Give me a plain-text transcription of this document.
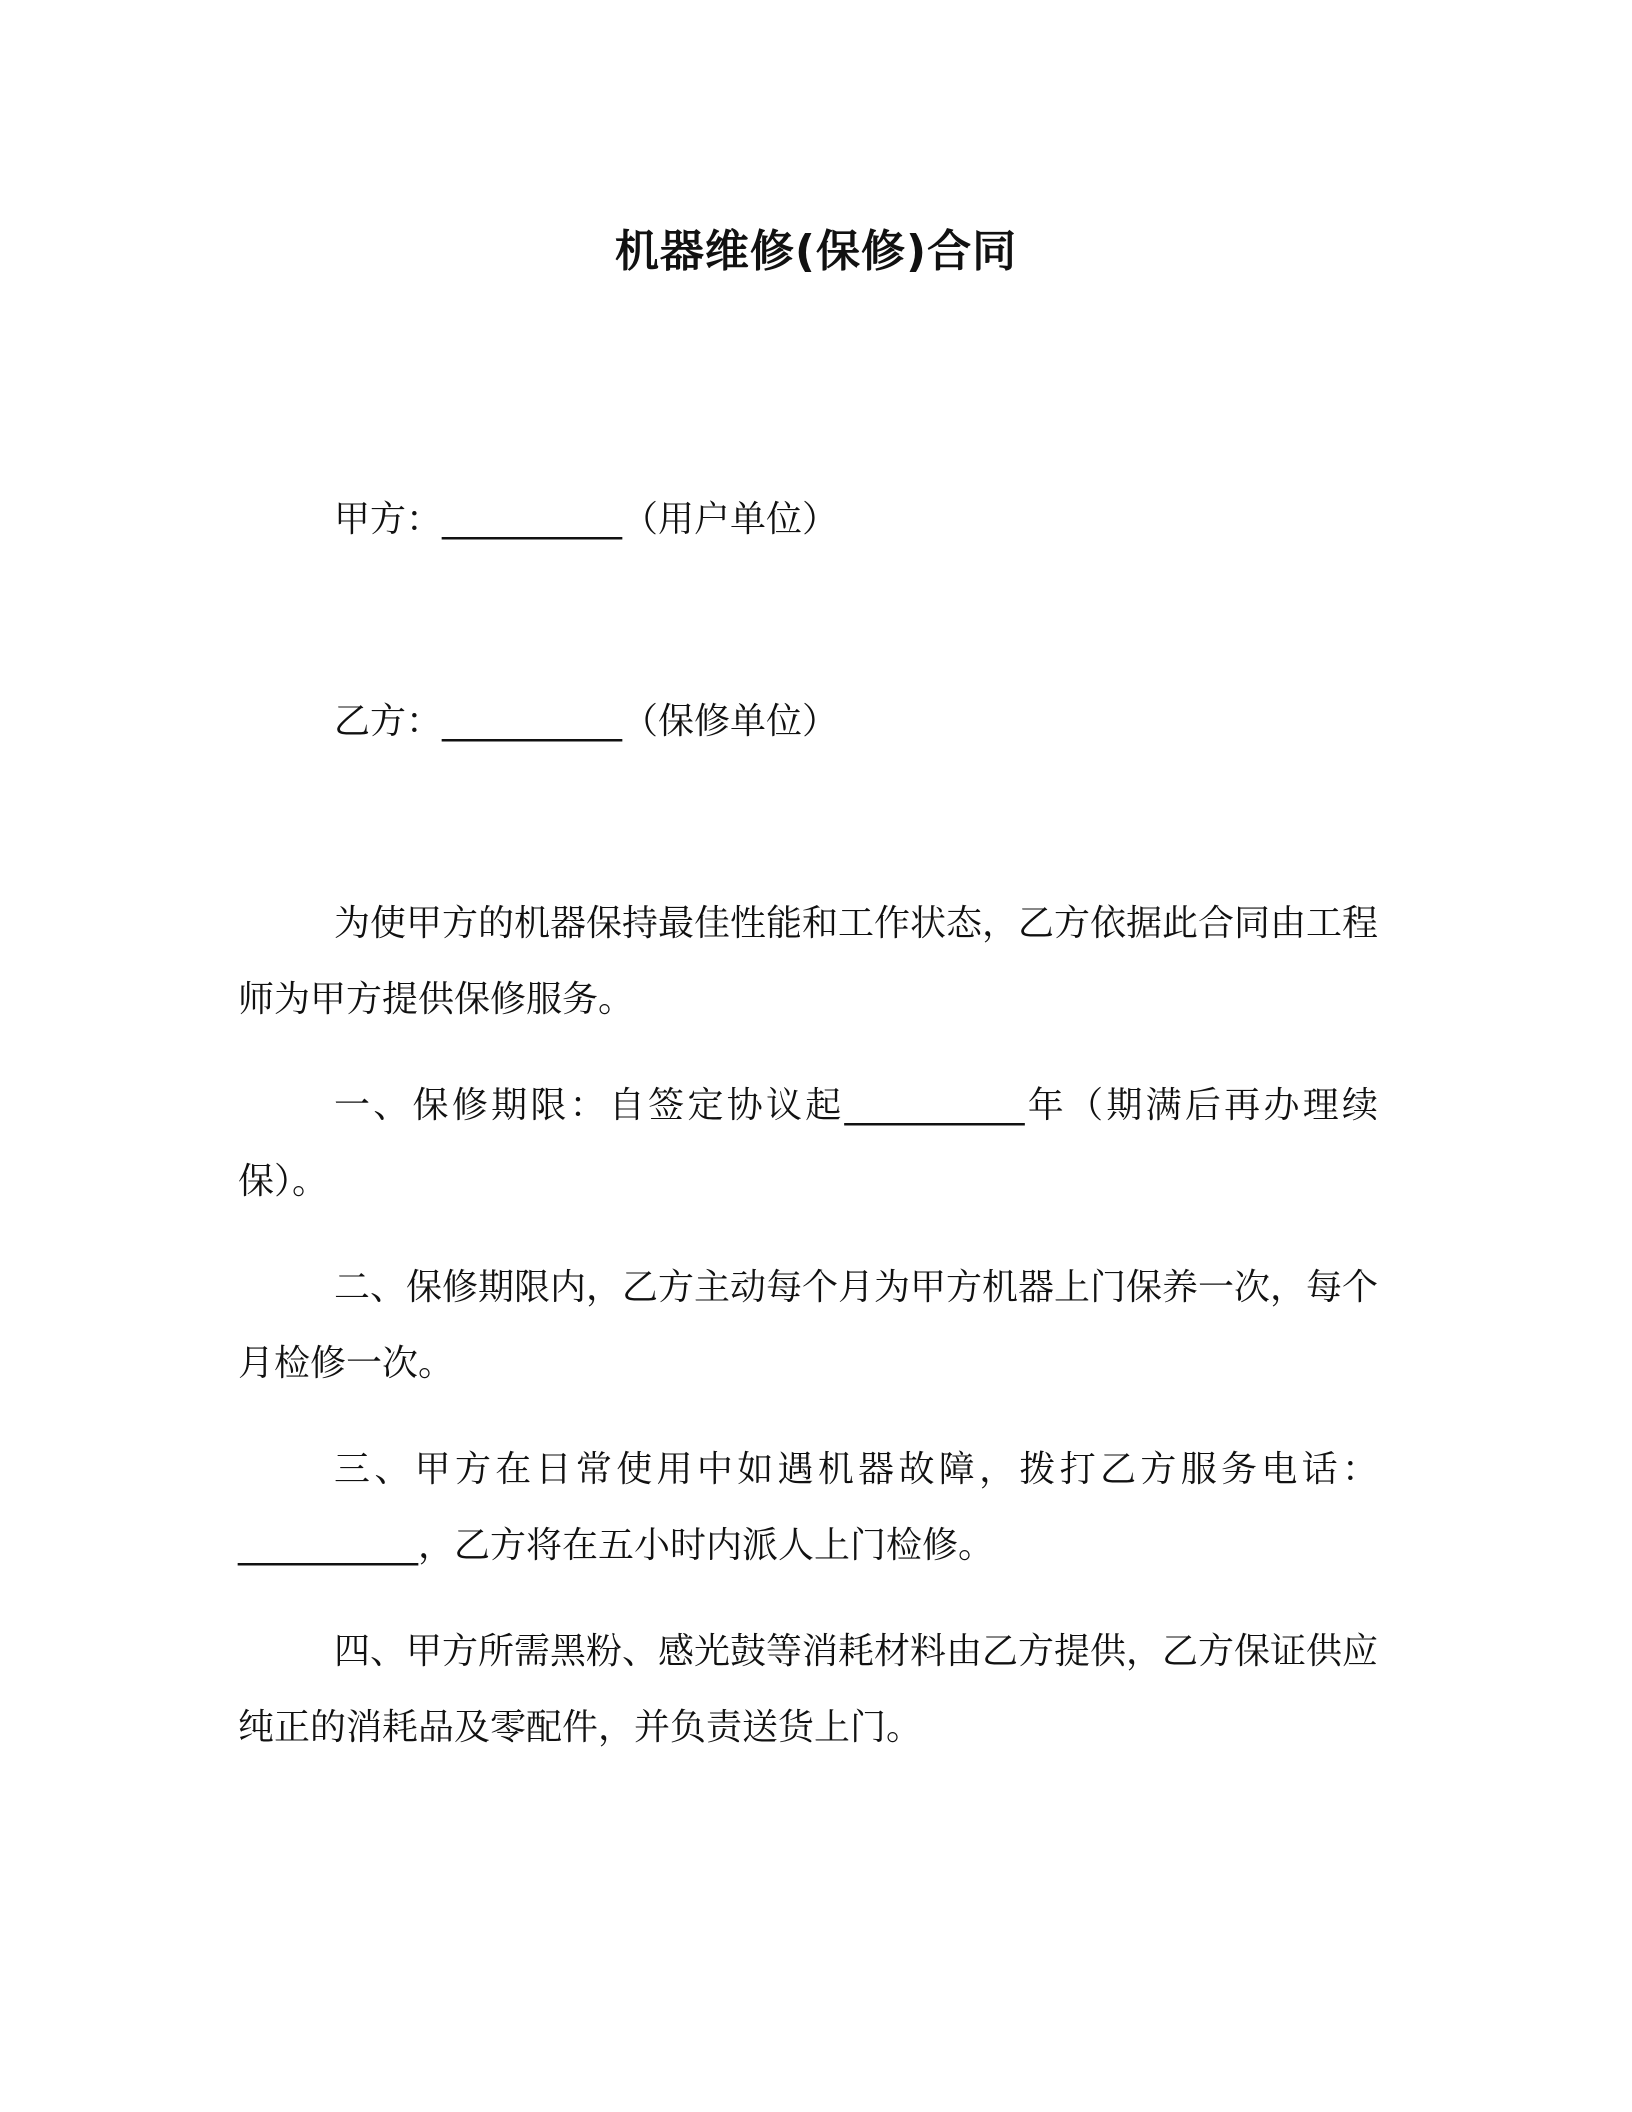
机器维修(保修)合同
甲方：__________（用户单位）
乙方：__________（保修单位）
为使甲方的机器保持最佳性能和工作状态，乙方依据此合同由工程师为甲方提供保修服务。
一、保修期限：自签定协议起__________年（期满后再办理续保）。
二、保修期限内，乙方主动每个月为甲方机器上门保养一次，每个月检修一次。
三、甲方在日常使用中如遇机器故障，拨打乙方服务电话：__________，乙方将在五小时内派人上门检修。
四、甲方所需黑粉、感光鼓等消耗材料由乙方提供，乙方保证供应纯正的消耗品及零配件，并负责送货上门。
